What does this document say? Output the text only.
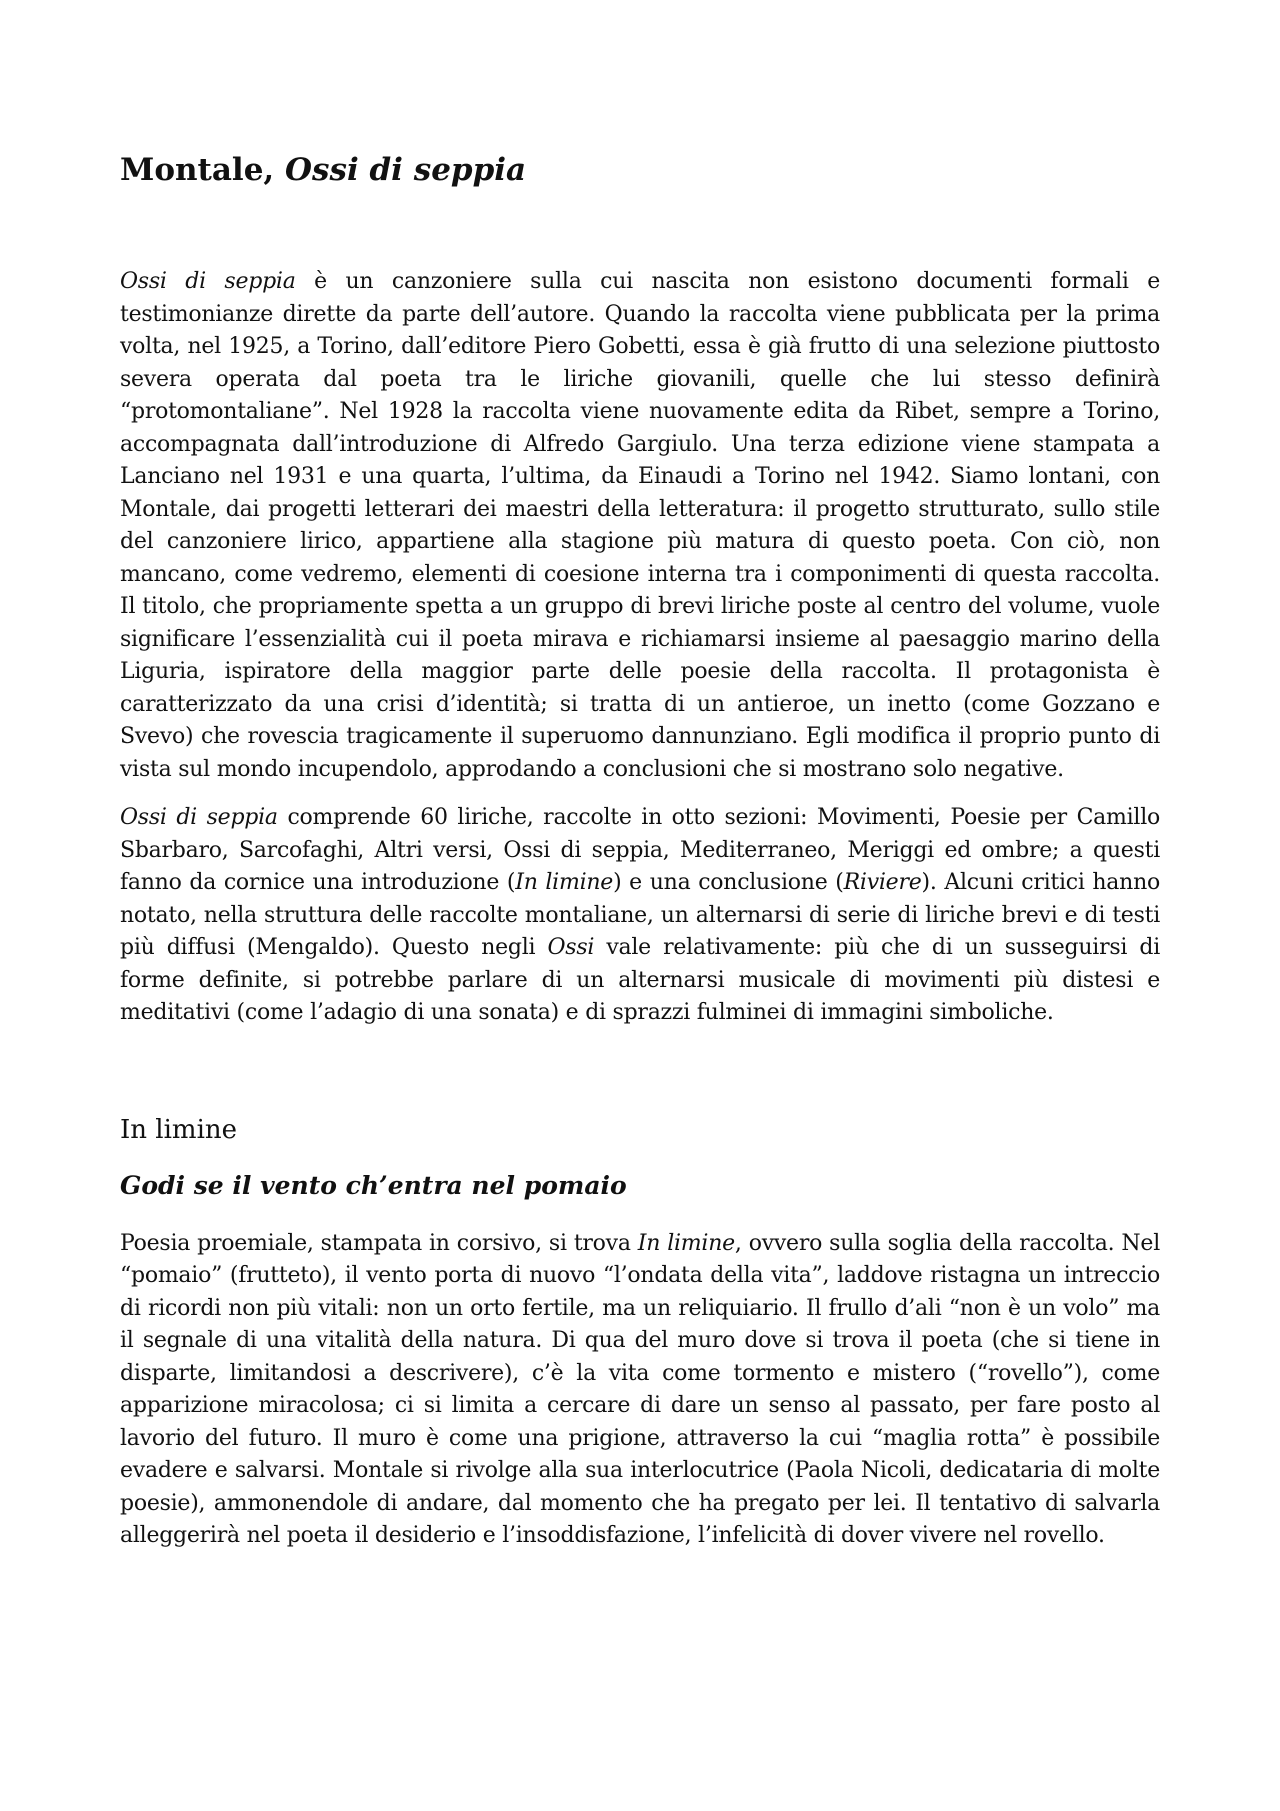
Montale, Ossi di seppia

Ossi di seppia è un canzoniere sulla cui nascita non esistono documenti formali e testimonianze dirette da parte dell’autore. Quando la raccolta viene pubblicata per la prima volta, nel 1925, a Torino, dall’editore Piero Gobetti, essa è già frutto di una selezione piuttosto severa operata dal poeta tra le liriche giovanili, quelle che lui stesso definirà “protomontaliane”. Nel 1928 la raccolta viene nuovamente edita da Ribet, sempre a Torino, accompagnata dall’introduzione di Alfredo Gargiulo. Una terza edizione viene stampata a Lanciano nel 1931 e una quarta, l’ultima, da Einaudi a Torino nel 1942. Siamo lontani, con Montale, dai progetti letterari dei maestri della letteratura: il progetto strutturato, sullo stile del canzoniere lirico, appartiene alla stagione più matura di questo poeta. Con ciò, non mancano, come vedremo, elementi di coesione interna tra i componimenti di questa raccolta. Il titolo, che propriamente spetta a un gruppo di brevi liriche poste al centro del volume, vuole significare l’essenzialità cui il poeta mirava e richiamarsi insieme al paesaggio marino della Liguria, ispiratore della maggior parte delle poesie della raccolta. Il protagonista è caratterizzato da una crisi d’identità; si tratta di un antieroe, un inetto (come Gozzano e Svevo) che rovescia tragicamente il superuomo dannunziano. Egli modifica il proprio punto di vista sul mondo incupendolo, approdando a conclusioni che si mostrano solo negative.

Ossi di seppia comprende 60 liriche, raccolte in otto sezioni: Movimenti, Poesie per Camillo Sbarbaro, Sarcofaghi, Altri versi, Ossi di seppia, Mediterraneo, Meriggi ed ombre; a questi fanno da cornice una introduzione (In limine) e una conclusione (Riviere). Alcuni critici hanno notato, nella struttura delle raccolte montaliane, un alternarsi di serie di liriche brevi e di testi più diffusi (Mengaldo). Questo negli Ossi vale relativamente: più che di un susseguirsi di forme definite, si potrebbe parlare di un alternarsi musicale di movimenti più distesi e meditativi (come l’adagio di una sonata) e di sprazzi fulminei di immagini simboliche.

In limine
Godi se il vento ch’entra nel pomaio

Poesia proemiale, stampata in corsivo, si trova In limine, ovvero sulla soglia della raccolta. Nel “pomaio” (frutteto), il vento porta di nuovo “l’ondata della vita”, laddove ristagna un intreccio di ricordi non più vitali: non un orto fertile, ma un reliquiario. Il frullo d’ali “non è un volo” ma il segnale di una vitalità della natura. Di qua del muro dove si trova il poeta (che si tiene in disparte, limitandosi a descrivere), c’è la vita come tormento e mistero (“rovello”), come apparizione miracolosa; ci si limita a cercare di dare un senso al passato, per fare posto al lavorio del futuro. Il muro è come una prigione, attraverso la cui “maglia rotta” è possibile evadere e salvarsi. Montale si rivolge alla sua interlocutrice (Paola Nicoli, dedicataria di molte poesie), ammonendole di andare, dal momento che ha pregato per lei. Il tentativo di salvarla alleggerirà nel poeta il desiderio e l’insoddisfazione, l’infelicità di dover vivere nel rovello.
